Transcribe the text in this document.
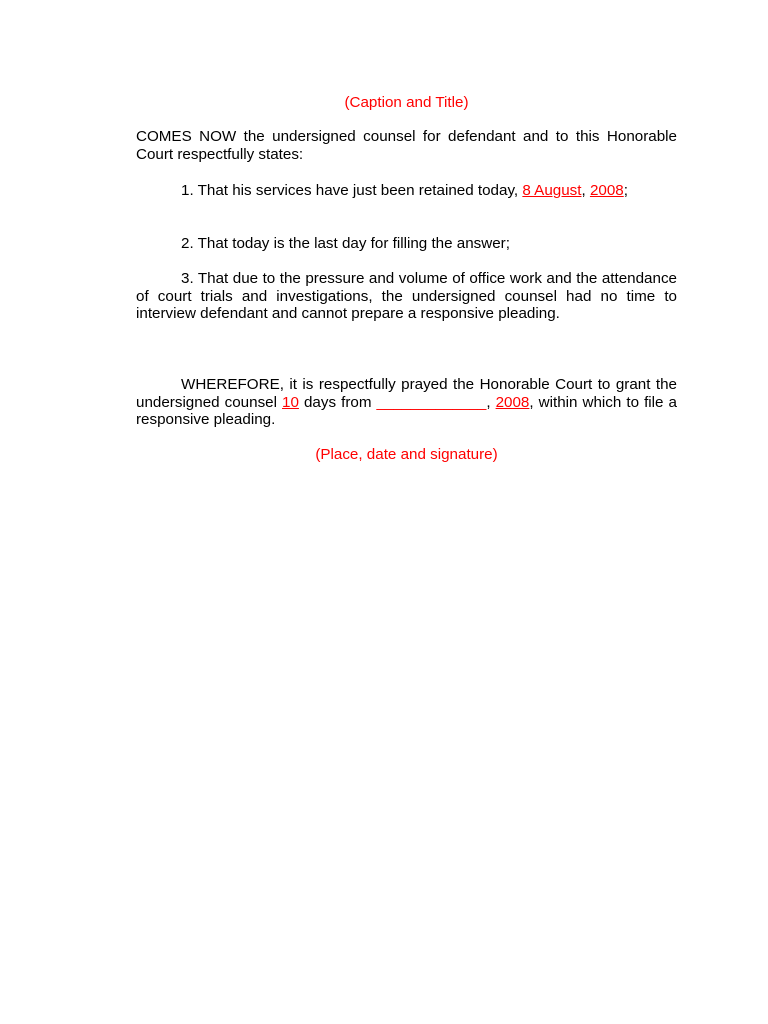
(Caption and Title)

COMES NOW the undersigned counsel for defendant and to this Honorable Court respectfully states:

1. That his services have just been retained today, 8 August, 2008;

2. That today is the last day for filling the answer;

3. That due to the pressure and volume of office work and the attendance of court trials and investigations, the undersigned counsel had no time to interview defendant and cannot prepare a responsive pleading.

WHEREFORE, it is respectfully prayed the Honorable Court to grant the undersigned counsel 10 days from _____________, 2008, within which to file a responsive pleading.

(Place, date and signature)
